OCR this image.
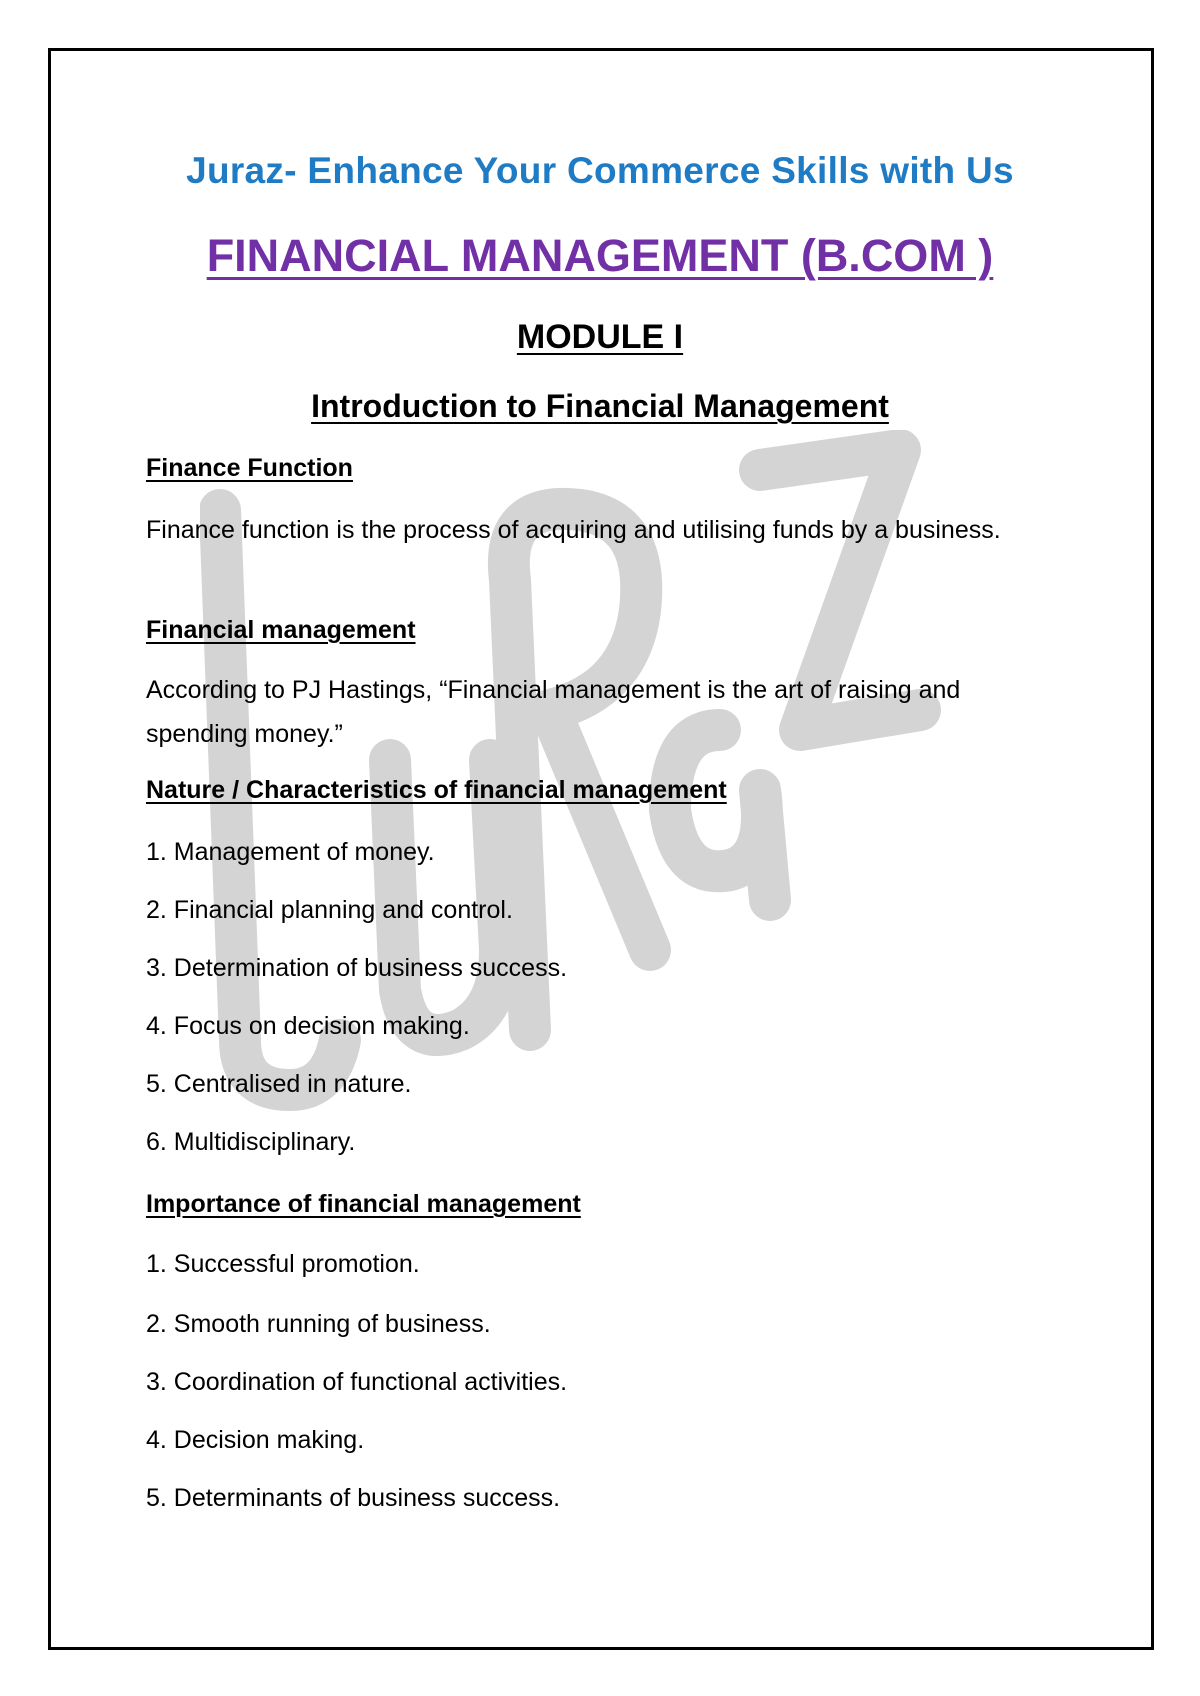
Juraz- Enhance Your Commerce Skills with Us
FINANCIAL MANAGEMENT (B.COM )
MODULE I
Introduction to Financial Management
Finance Function
Finance function is the process of acquiring and utilising funds by a business.
Financial management
According to PJ Hastings, “Financial management is the art of raising and spending money.”
Nature / Characteristics of financial management
1. Management of money.
2. Financial planning and control.
3. Determination of business success.
4. Focus on decision making.
5. Centralised in nature.
6. Multidisciplinary.
Importance of financial management
1. Successful promotion.
2. Smooth running of business.
3. Coordination of functional activities.
4. Decision making.
5. Determinants of business success.
